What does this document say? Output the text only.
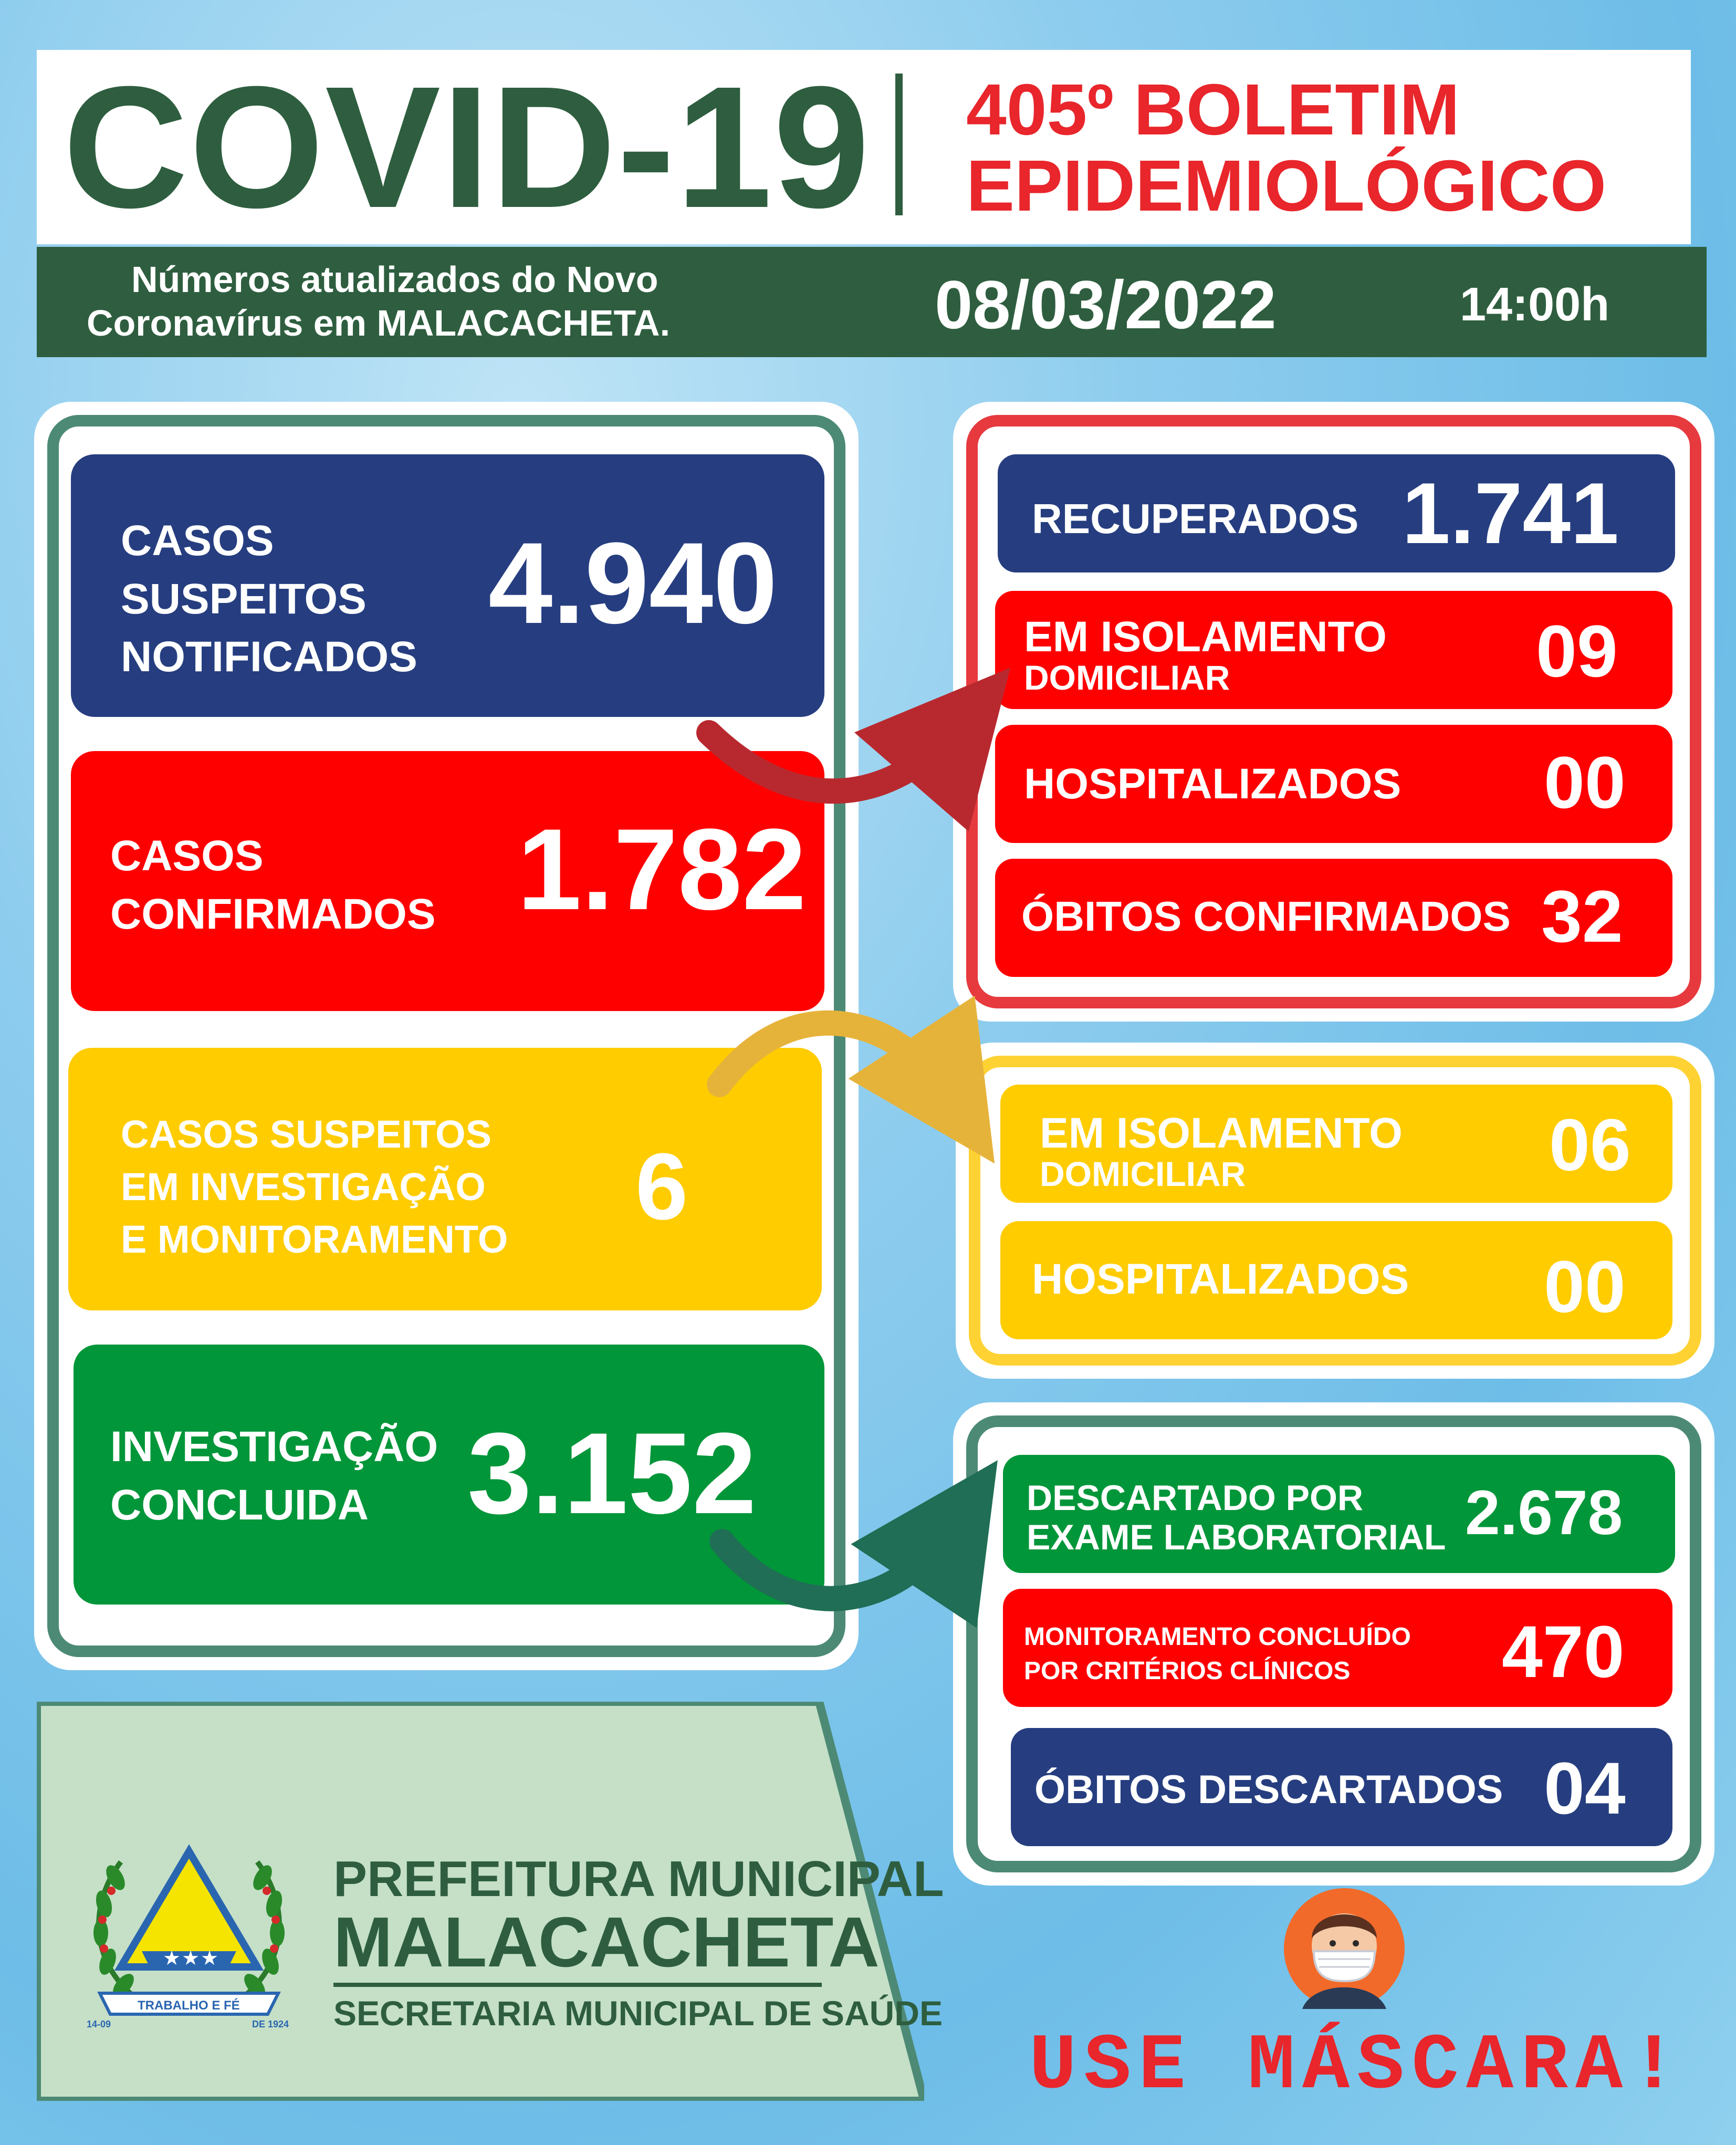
COVID-19 405º BOLETIM
EPIDEMIOLÓGICO
Números atualizados do Novo
Coronavírus em MALACACHETA.	08/03/2022	14:00h
CASOS
SUSPEITOS
NOTIFICADOS
4.940
CASOS
CONFIRMADOS 1.782
CASOS SUSPEITOS
EM INVESTIGAÇÃO
E MONITORAMENTO 6
INVESTIGAÇÃO
CONCLUIDA 3.152
RECUPERADOS 1.741
EM ISOLAMENTO
DOMICILIAR	09
HOSPITALIZADOS 00
ÓBITOS CONFIRMADOS 32
EM ISOLAMENTO
DOMICILIAR	06
HOSPITALIZADOS 00
DESCARTADO POR
EXAME LABORATORIAL 2.678
MONITORAMENTO CONCLUÍDO
POR CRITÉRIOS CLÍNICOS	470
ÓBITOS DESCARTADOS 04
★ ★ ★
TRABALHO E FÉ
14-09	DE 1924
PREFEITURA MUNICIPAL
MALACACHETA
SECRETARIA MUNICIPAL DE SAÚDE
USE MÁSCARA!
